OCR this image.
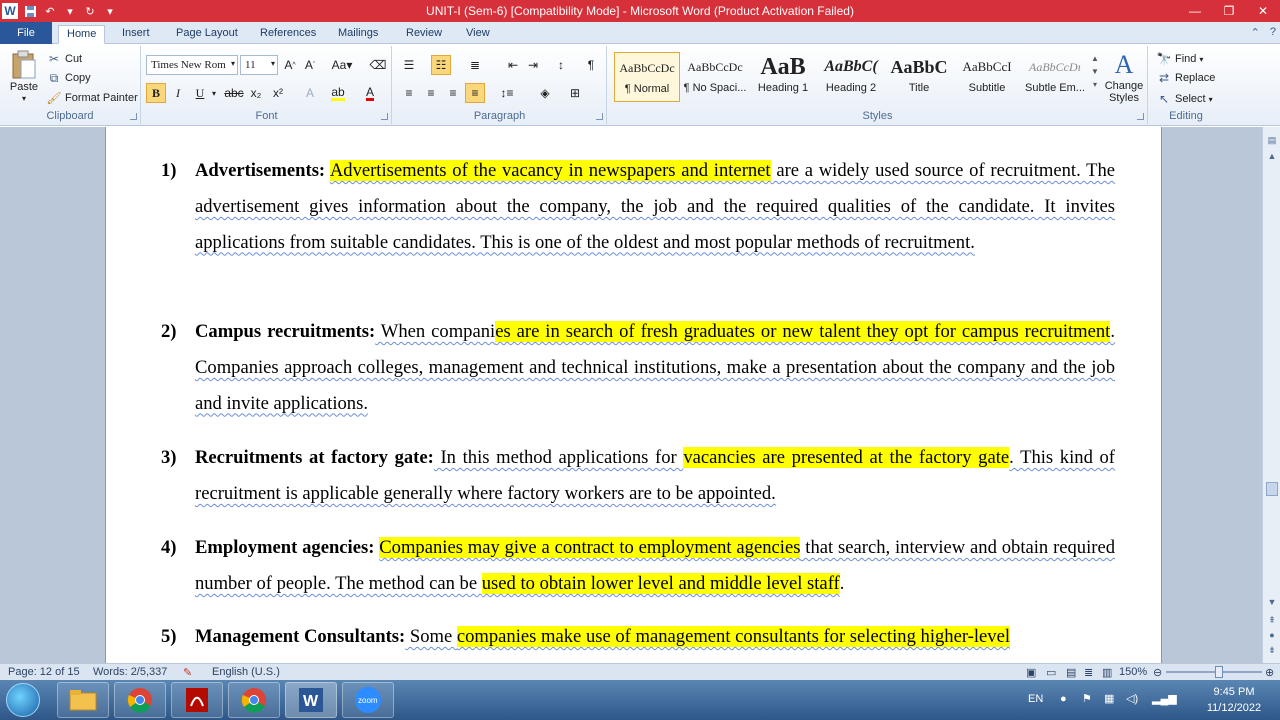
W	↶	▾	↻	▾	UNIT-I (Sem-6) [Compatibility Mode] - Microsoft Word (Product Activation Failed)	—	❐	✕
File	Home	Insert	Page Layout	References	Mailings	Review	View	⌃ ?
Paste
▾
✂ Cut
⧉ Copy
🖌 Format Painter
Clipboard
Times New Rom ▾ 11 ▾ A ^ A ˇ Aa▾ ⌫
B	I	U ▾ abc x₂ x²	A	ab A
Font
☰	☷	≣	⇤ ⇥	↕	¶
≡	≡	≡	≡	↕≡	◈	⊞
Paragraph
AaBbCcDc
¶ Normal
AaBbCcDc
¶ No Spaci...
AaB
Heading 1
AaBbC(
Heading 2
AaBbC
Title
AaBbCcI
Subtitle
AaBbCcDı
Subtle Em...
▲
▼
▾
A
Change Styles
Styles
🔭 Find ▾
⇄ Replace
↖ Select ▾
Editing
1) Advertisements: Advertisements of the vacancy in newspapers and internet are a widely used source of recruitment. The advertisement gives information about the company, the job and the required qualities of the candidate. It invites applications from suitable candidates. This is one of the oldest and most popular methods of recruitment.
2) Campus recruitments: When companies are in search of fresh graduates or new talent they opt for campus recruitment. Companies approach colleges, management and technical institutions, make a presentation about the company and the job and invite applications.
3) Recruitments at factory gate: In this method applications for vacancies are presented at the factory gate. This kind of recruitment is applicable generally where factory workers are to be appointed.
4) Employment agencies: Companies may give a contract to employment agencies that search, interview and obtain required number of people. The method can be used to obtain lower level and middle level staff.
5) Management Consultants: Some companies make use of management consultants for selecting higher-level
▤
▲
▼
⇞
●
⇟
Page: 12 of 15 Words: 2/5,337 ✎ English (U.S.)	▣ ▭ ▤ ≣ ▥ 150% ⊖	⊕
W	zoom	EN ● ⚑ ▦ ◁) ▂▄▆
9:45 PM
11/12/2022
